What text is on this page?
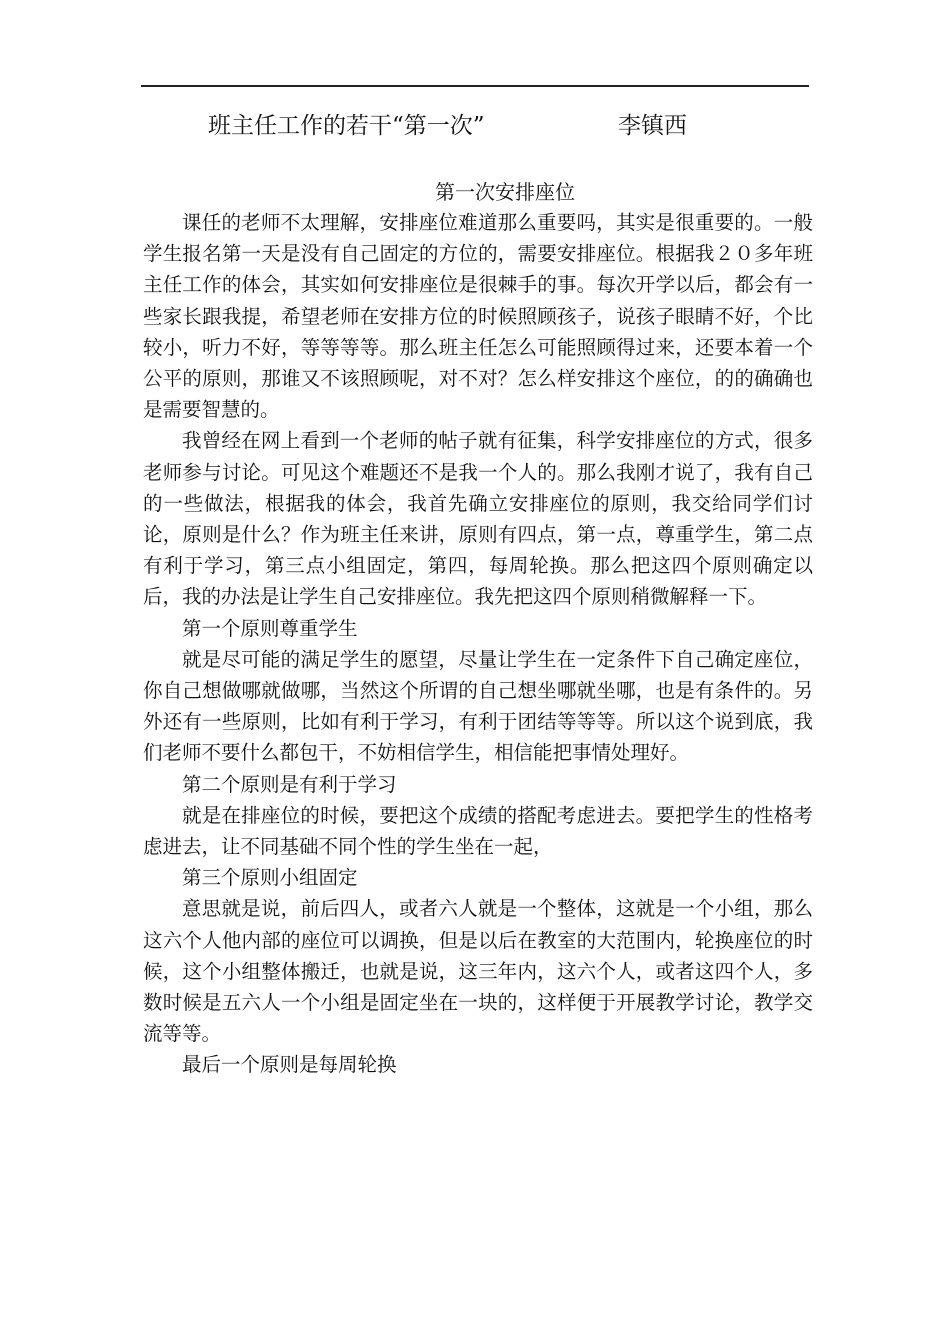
班主任工作的若干“第一次”	李镇西
第一次安排座位

课任的老师不太理解，安排座位难道那么重要吗，其实是很重要的。一般学生报名第一天是没有自己固定的方位的，需要安排座位。根据我２０多年班主任工作的体会，其实如何安排座位是很棘手的事。每次开学以后，都会有一些家长跟我提，希望老师在安排方位的时候照顾孩子，说孩子眼睛不好，个比较小，听力不好，等等等等。那么班主任怎么可能照顾得过来，还要本着一个公平的原则，那谁又不该照顾呢，对不对？怎么样安排这个座位，的的确确也是需要智慧的。

我曾经在网上看到一个老师的帖子就有征集，科学安排座位的方式，很多老师参与讨论。可见这个难题还不是我一个人的。那么我刚才说了，我有自己的一些做法，根据我的体会，我首先确立安排座位的原则，我交给同学们讨论，原则是什么？作为班主任来讲，原则有四点，第一点，尊重学生，第二点有利于学习，第三点小组固定，第四，每周轮换。那么把这四个原则确定以后，我的办法是让学生自己安排座位。我先把这四个原则稍微解释一下。

第一个原则尊重学生

就是尽可能的满足学生的愿望，尽量让学生在一定条件下自己确定座位，你自己想做哪就做哪，当然这个所谓的自己想坐哪就坐哪，也是有条件的。另外还有一些原则，比如有利于学习，有利于团结等等等。所以这个说到底，我们老师不要什么都包干，不妨相信学生，相信能把事情处理好。

第二个原则是有利于学习

就是在排座位的时候，要把这个成绩的搭配考虑进去。要把学生的性格考虑进去，让不同基础不同个性的学生坐在一起，

第三个原则小组固定

意思就是说，前后四人，或者六人就是一个整体，这就是一个小组，那么这六个人他内部的座位可以调换，但是以后在教室的大范围内，轮换座位的时候，这个小组整体搬迁，也就是说，这三年内，这六个人，或者这四个人，多数时候是五六人一个小组是固定坐在一块的，这样便于开展教学讨论，教学交流等等。

最后一个原则是每周轮换
